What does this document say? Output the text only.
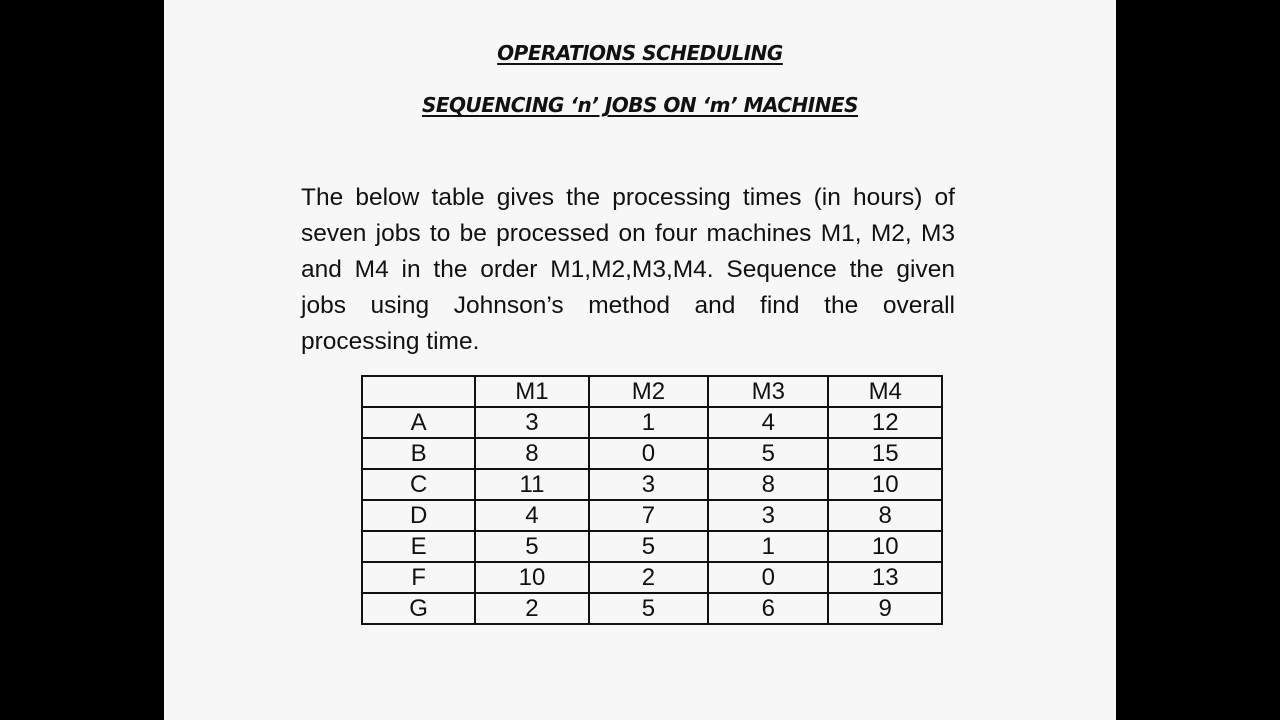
OPERATIONS SCHEDULING
SEQUENCING ‘n’ JOBS ON ‘m’ MACHINES
The below table gives the processing times (in hours) of seven jobs to be processed on four machines M1, M2, M3 and M4 in the order M1,M2,M3,M4. Sequence the given jobs using Johnson’s method and find the overall processing time.
	M1	M2	M3	M4
A	3	1	4	12
B	8	0	5	15
C	11	3	8	10
D	4	7	3	8
E	5	5	1	10
F	10	2	0	13
G	2	5	6	9
